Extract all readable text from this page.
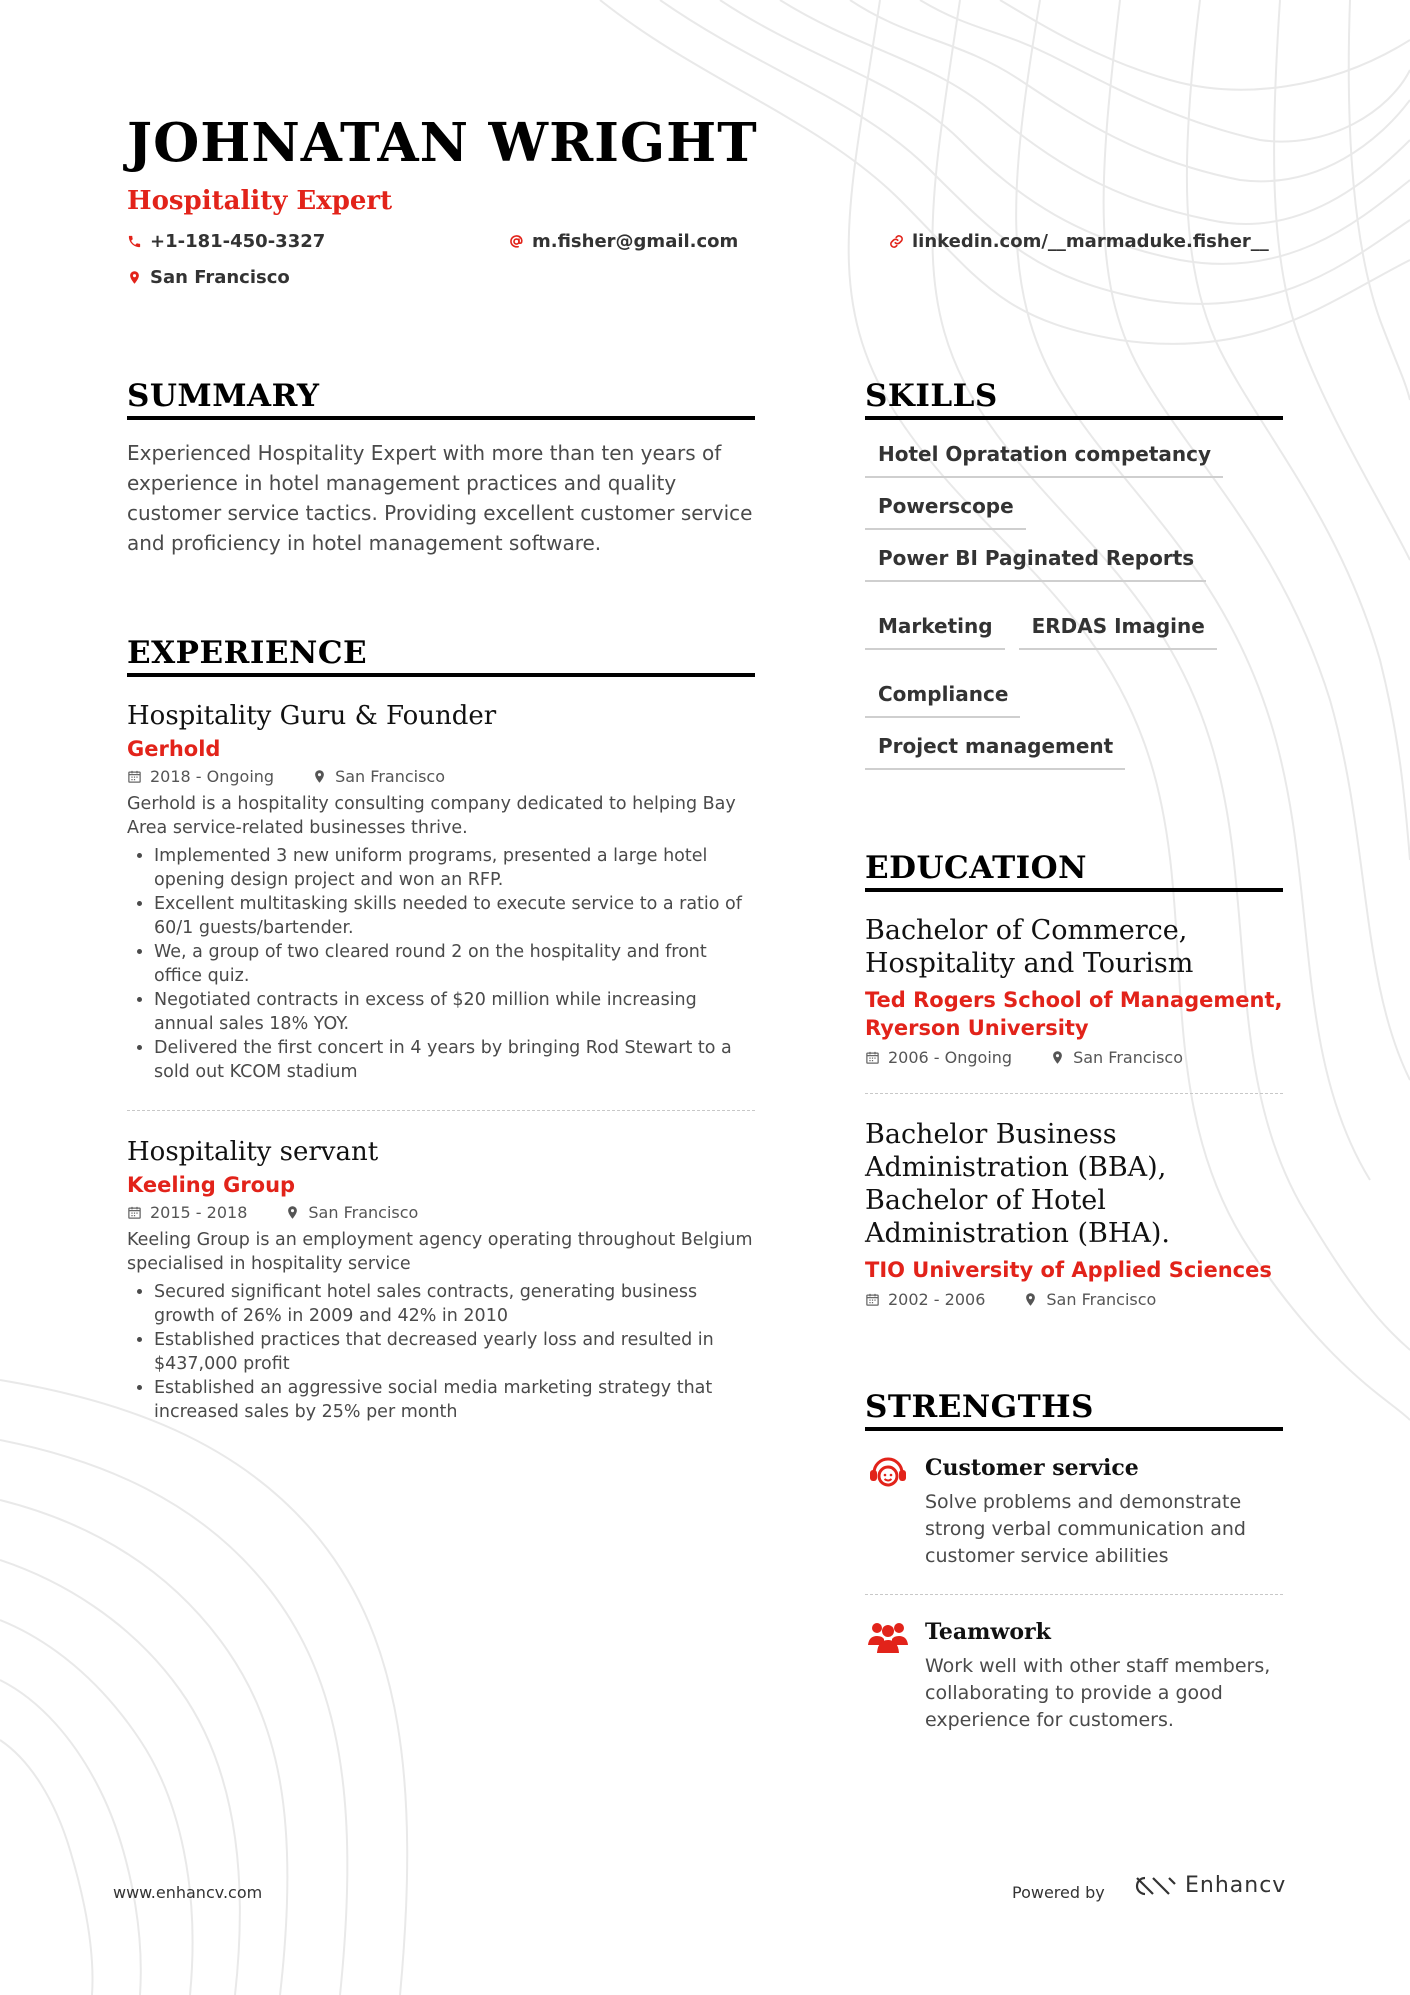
JOHNATAN WRIGHT
Hospitality Expert
+1-181-450-3327	m.fisher@gmail.com	linkedin.com/__marmaduke.fisher__
San Francisco
SUMMARY

Experienced Hospitality Expert with more than ten years of experience in hotel management practices and quality customer service tactics. Providing excellent customer service and proficiency in hotel management software.

EXPERIENCE
Hospitality Guru & Founder
Gerhold
2018 - Ongoing	San Francisco
Gerhold is a hospitality consulting company dedicated to helping Bay Area service-related businesses thrive.
• Implemented 3 new uniform programs, presented a large hotel opening design project and won an RFP.
• Excellent multitasking skills needed to execute service to a ratio of 60/1 guests/bartender.
• We, a group of two cleared round 2 on the hospitality and front office quiz.
• Negotiated contracts in excess of $20 million while increasing annual sales 18% YOY.
• Delivered the first concert in 4 years by bringing Rod Stewart to a sold out KCOM stadium
Hospitality servant
Keeling Group
2015 - 2018	San Francisco
Keeling Group is an employment agency operating throughout Belgium specialised in hospitality service
• Secured significant hotel sales contracts, generating business growth of 26% in 2009 and 42% in 2010
• Established practices that decreased yearly loss and resulted in $437,000 profit
• Established an aggressive social media marketing strategy that increased sales by 25% per month
SKILLS
Hotel Opratation competancy
Powerscope
Power BI Paginated Reports
Marketing	ERDAS Imagine
Compliance
Project management
EDUCATION
Bachelor of Commerce, Hospitality and Tourism
Ted Rogers School of Management, Ryerson University
2006 - Ongoing	San Francisco
Bachelor Business Administration (BBA), Bachelor of Hotel Administration (BHA).
TIO University of Applied Sciences
2002 - 2006	San Francisco
STRENGTHS
Customer service
Solve problems and demonstrate strong verbal communication and customer service abilities
Teamwork
Work well with other staff members, collaborating to provide a good experience for customers.
www.enhancv.com	Powered by	Enhancv
